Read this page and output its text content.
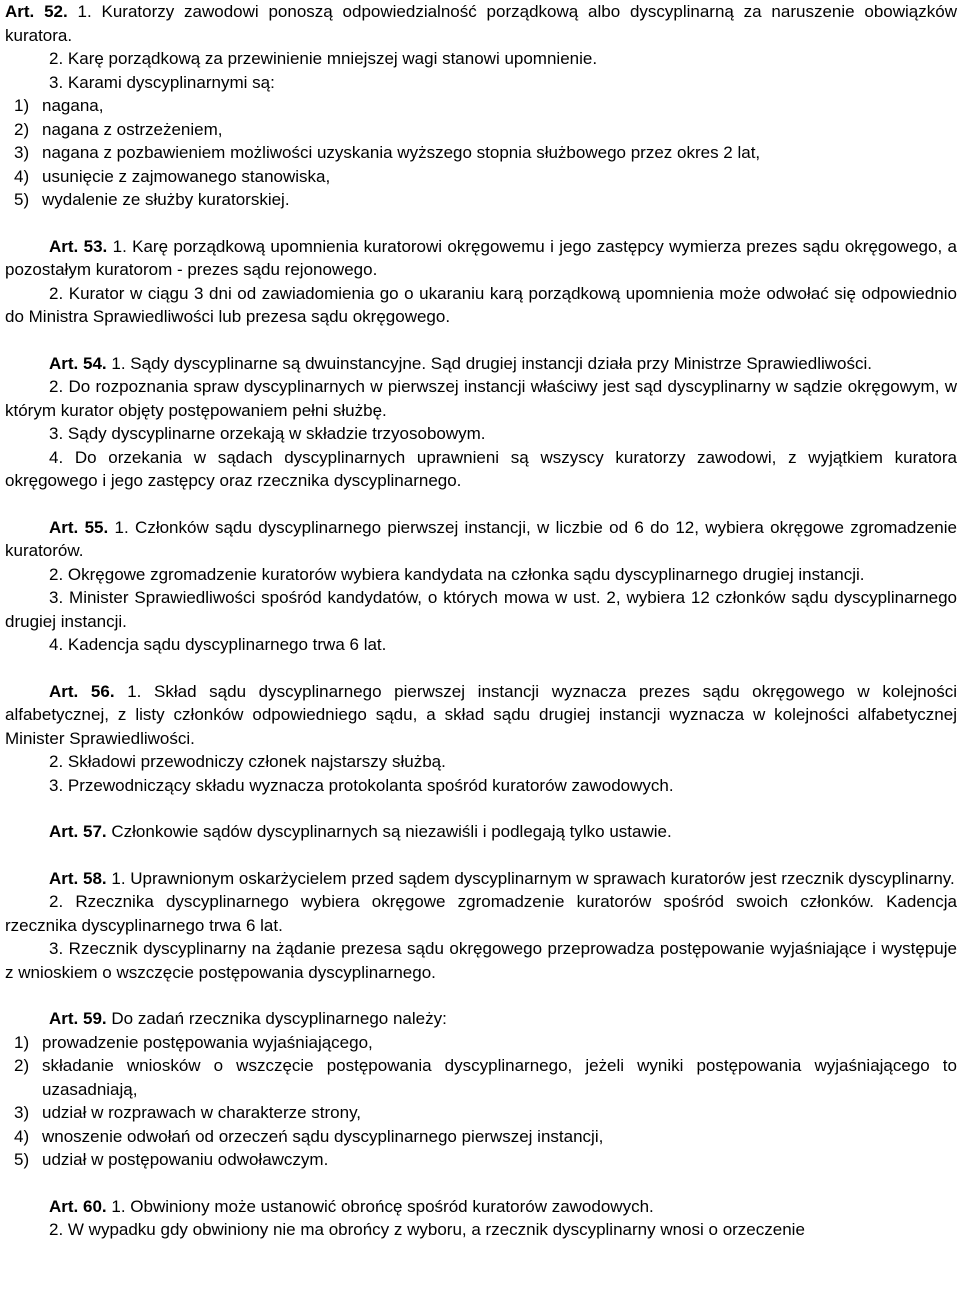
Art. 52. 1. Kuratorzy zawodowi ponoszą odpowiedzialność porządkową albo dyscyplinarną za naruszenie obowiązków kuratora.

2. Karę porządkową za przewinienie mniejszej wagi stanowi upomnienie.

3. Karami dyscyplinarnymi są:

1) nagana,
2) nagana z ostrzeżeniem,
3) nagana z pozbawieniem możliwości uzyskania wyższego stopnia służbowego przez okres 2 lat,
4) usunięcie z zajmowanego stanowiska,
5) wydalenie ze służby kuratorskiej.

Art. 53. 1. Karę porządkową upomnienia kuratorowi okręgowemu i jego zastępcy wymierza prezes sądu okręgowego, a pozostałym kuratorom - prezes sądu rejonowego.

2. Kurator w ciągu 3 dni od zawiadomienia go o ukaraniu karą porządkową upomnienia może odwołać się odpowiednio do Ministra Sprawiedliwości lub prezesa sądu okręgowego.

Art. 54. 1. Sądy dyscyplinarne są dwuinstancyjne. Sąd drugiej instancji działa przy Ministrze Sprawiedliwości.

2. Do rozpoznania spraw dyscyplinarnych w pierwszej instancji właściwy jest sąd dyscyplinarny w sądzie okręgowym, w którym kurator objęty postępowaniem pełni służbę.

3. Sądy dyscyplinarne orzekają w składzie trzyosobowym.

4. Do orzekania w sądach dyscyplinarnych uprawnieni są wszyscy kuratorzy zawodowi, z wyjątkiem kuratora okręgowego i jego zastępcy oraz rzecznika dyscyplinarnego.

Art. 55. 1. Członków sądu dyscyplinarnego pierwszej instancji, w liczbie od 6 do 12, wybiera okręgowe zgromadzenie kuratorów.

2. Okręgowe zgromadzenie kuratorów wybiera kandydata na członka sądu dyscyplinarnego drugiej instancji.

3. Minister Sprawiedliwości spośród kandydatów, o których mowa w ust. 2, wybiera 12 członków sądu dyscyplinarnego drugiej instancji.

4. Kadencja sądu dyscyplinarnego trwa 6 lat.

Art. 56. 1. Skład sądu dyscyplinarnego pierwszej instancji wyznacza prezes sądu okręgowego w kolejności alfabetycznej, z listy członków odpowiedniego sądu, a skład sądu drugiej instancji wyznacza w kolejności alfabetycznej Minister Sprawiedliwości.

2. Składowi przewodniczy członek najstarszy służbą.

3. Przewodniczący składu wyznacza protokolanta spośród kuratorów zawodowych.

Art. 57. Członkowie sądów dyscyplinarnych są niezawiśli i podlegają tylko ustawie.

Art. 58. 1. Uprawnionym oskarżycielem przed sądem dyscyplinarnym w sprawach kuratorów jest rzecznik dyscyplinarny.

2. Rzecznika dyscyplinarnego wybiera okręgowe zgromadzenie kuratorów spośród swoich członków. Kadencja rzecznika dyscyplinarnego trwa 6 lat.

3. Rzecznik dyscyplinarny na żądanie prezesa sądu okręgowego przeprowadza postępowanie wyjaśniające i występuje z wnioskiem o wszczęcie postępowania dyscyplinarnego.

Art. 59. Do zadań rzecznika dyscyplinarnego należy:

1) prowadzenie postępowania wyjaśniającego,
2) składanie wniosków o wszczęcie postępowania dyscyplinarnego, jeżeli wyniki postępowania wyjaśniającego to uzasadniają,
3) udział w rozprawach w charakterze strony,
4) wnoszenie odwołań od orzeczeń sądu dyscyplinarnego pierwszej instancji,
5) udział w postępowaniu odwoławczym.

Art. 60. 1. Obwiniony może ustanowić obrońcę spośród kuratorów zawodowych.

2. W wypadku gdy obwiniony nie ma obrońcy z wyboru, a rzecznik dyscyplinarny wnosi o orzeczenie
